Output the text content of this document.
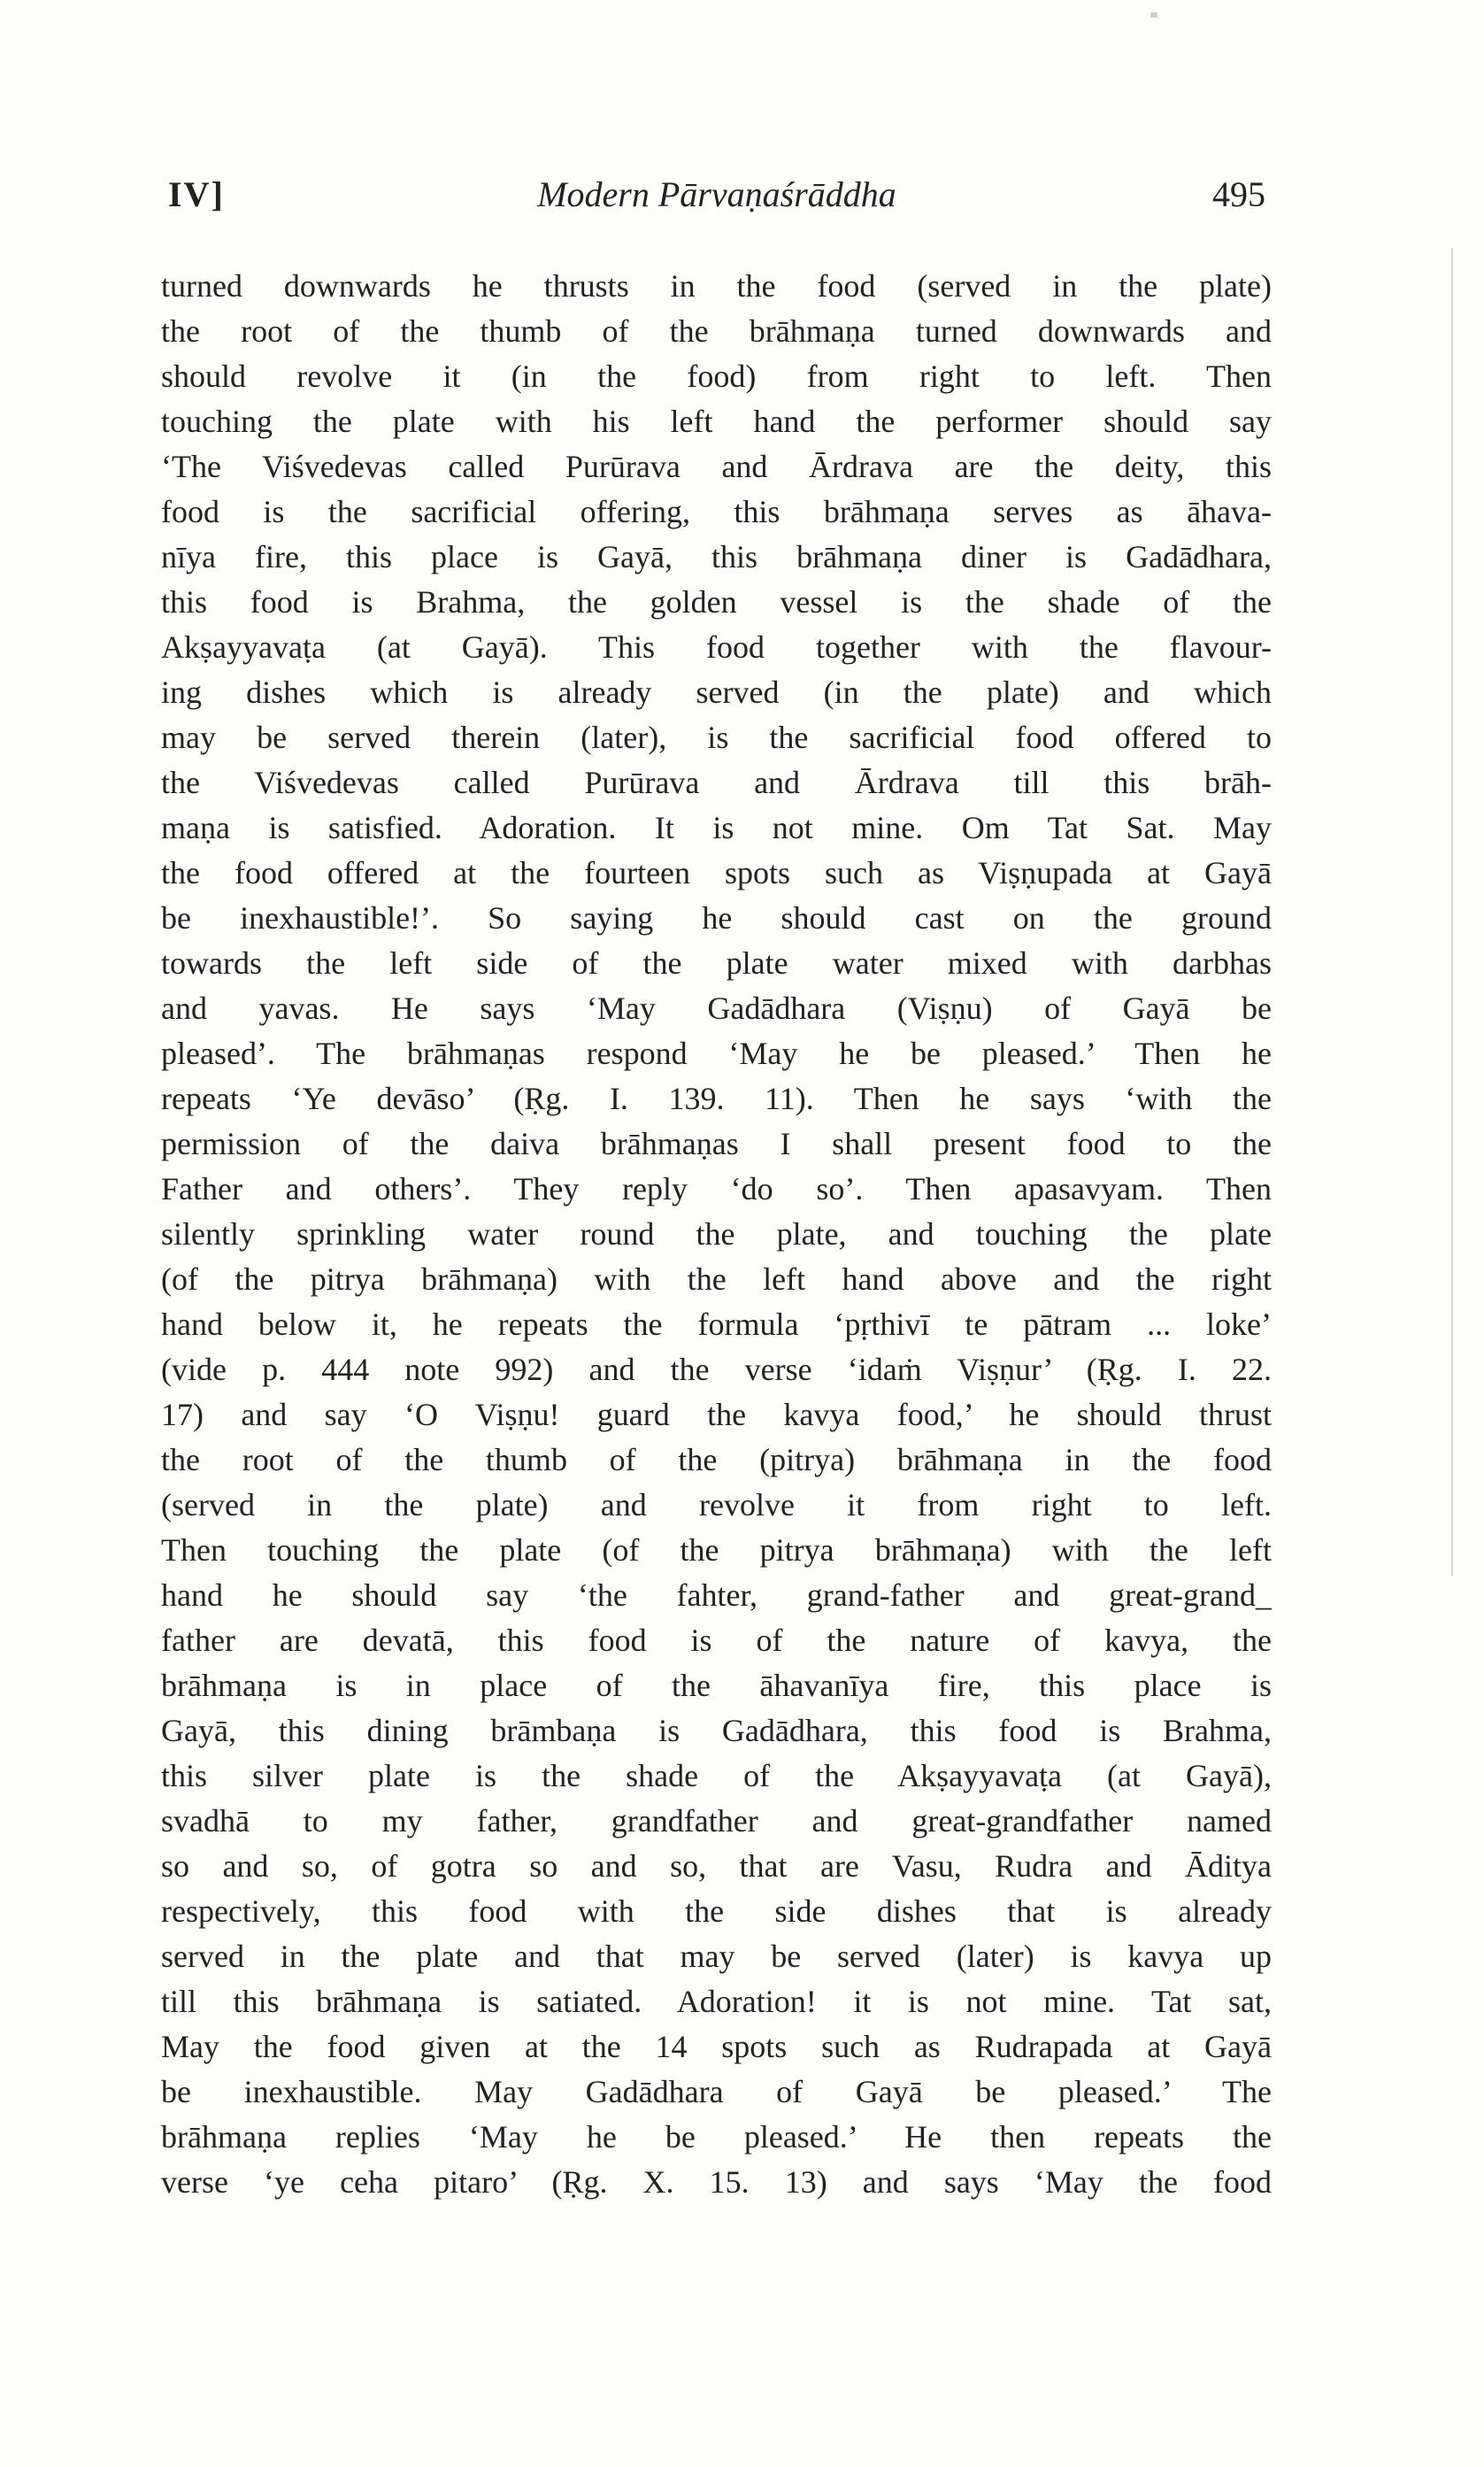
IV]	Modern Pārvaṇaśrāddha	495
turned downwards he thrusts in the food (served in the plate)
the root of the thumb of the brāhmaṇa turned downwards and
should revolve it (in the food) from right to left. Then
touching the plate with his left hand the performer should say
‘The Viśvedevas called Purūrava and Ārdrava are the deity, this
food is the sacrificial offering, this brāhmaṇa serves as āhava-
nīya fire, this place is Gayā, this brāhmaṇa diner is Gadādhara,
this food is Brahma, the golden vessel is the shade of the
Akṣayyavaṭa (at Gayā). This food together with the flavour-
ing dishes which is already served (in the plate) and which
may be served therein (later), is the sacrificial food offered to
the Viśvedevas called Purūrava and Ārdrava till this brāh-
maṇa is satisfied. Adoration. It is not mine. Om Tat Sat. May
the food offered at the fourteen spots such as Viṣṇupada at Gayā
be inexhaustible!’. So saying he should cast on the ground
towards the left side of the plate water mixed with darbhas
and yavas. He says ‘May Gadādhara (Viṣṇu) of Gayā be
pleased’. The brāhmaṇas respond ‘May he be pleased.’ Then he
repeats ‘Ye devāso’ (Ṛg. I. 139. 11). Then he says ‘with the
permission of the daiva brāhmaṇas I shall present food to the
Father and others’. They reply ‘do so’. Then apasavyam. Then
silently sprinkling water round the plate, and touching the plate
(of the pitrya brāhmaṇa) with the left hand above and the right
hand below it, he repeats the formula ‘pṛthivī te pātram ... loke’
(vide p. 444 note 992) and the verse ‘idaṁ Viṣṇur’ (Ṛg. I. 22.
17) and say ‘O Viṣṇu! guard the kavya food,’ he should thrust
the root of the thumb of the (pitrya) brāhmaṇa in the food
(served in the plate) and revolve it from right to left.
Then touching the plate (of the pitrya brāhmaṇa) with the left
hand he should say ‘the fahter, grand-father and great-grand_
father are devatā, this food is of the nature of kavya, the
brāhmaṇa is in place of the āhavanīya fire, this place is
Gayā, this dining brāmbaṇa is Gadādhara, this food is Brahma,
this silver plate is the shade of the Akṣayyavaṭa (at Gayā),
svadhā to my father, grandfather and great-grandfather named
so and so, of gotra so and so, that are Vasu, Rudra and Āditya
respectively, this food with the side dishes that is already
served in the plate and that may be served (later) is kavya up
till this brāhmaṇa is satiated. Adoration! it is not mine. Tat sat,
May the food given at the 14 spots such as Rudrapada at Gayā
be inexhaustible. May Gadādhara of Gayā be pleased.’ The
brāhmaṇa replies ‘May he be pleased.’ He then repeats the
verse ‘ye ceha pitaro’ (Ṛg. X. 15. 13) and says ‘May the food
